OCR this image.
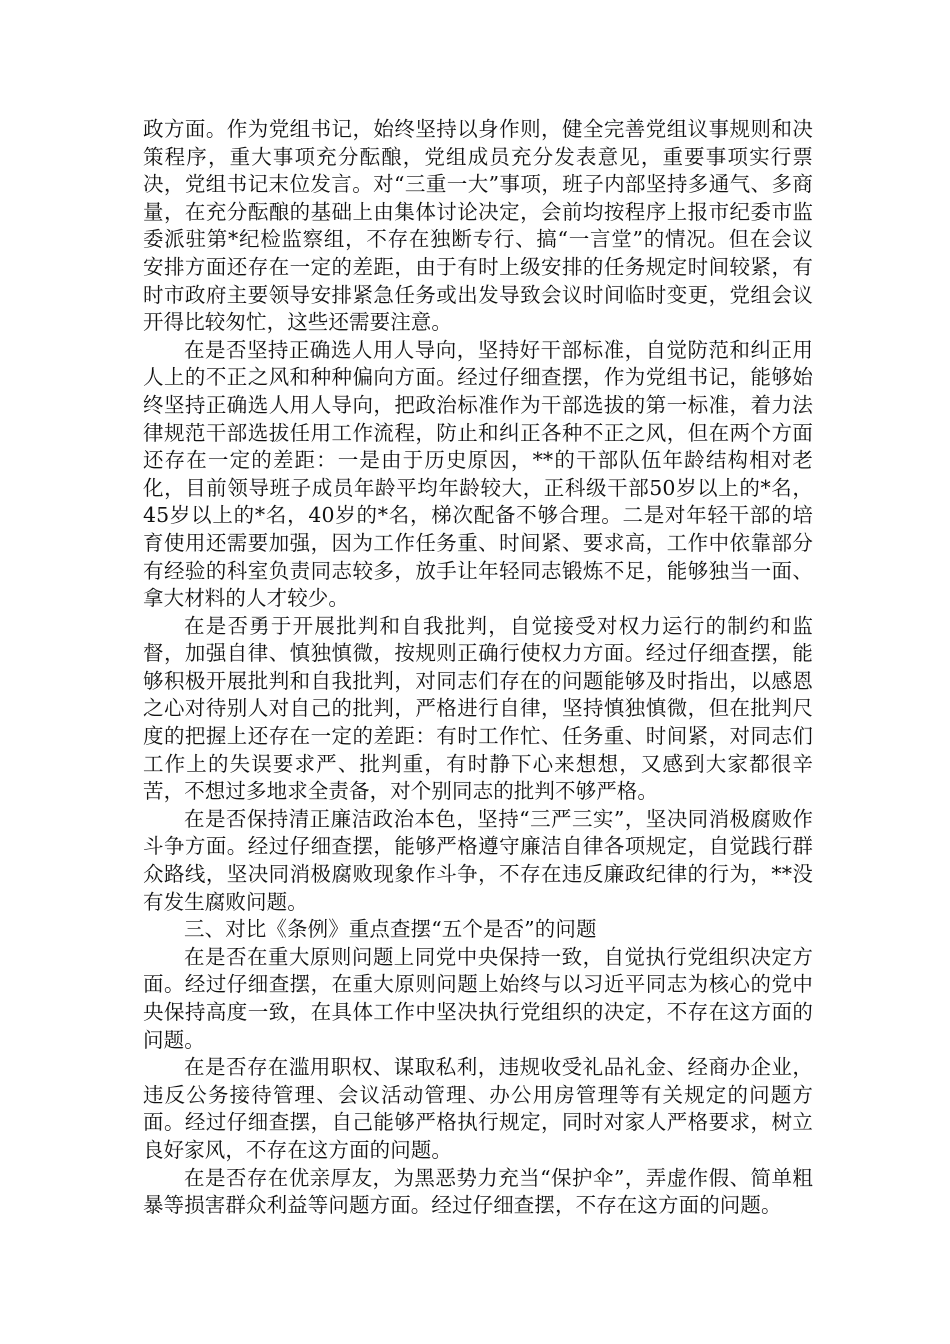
政方面。作为党组书记，始终坚持以身作则，健全完善党组议事规则和决策程序，重大事项充分酝酿，党组成员充分发表意见，重要事项实行票决，党组书记末位发言。对“三重一大”事项，班子内部坚持多通气、多商量，在充分酝酿的基础上由集体讨论决定，会前均按程序上报市纪委市监委派驻第*纪检监察组，不存在独断专行、搞“一言堂”的情况。但在会议安排方面还存在一定的差距，由于有时上级安排的任务规定时间较紧，有时市政府主要领导安排紧急任务或出发导致会议时间临时变更，党组会议开得比较匆忙，这些还需要注意。

在是否坚持正确选人用人导向，坚持好干部标准，自觉防范和纠正用人上的不正之风和种种偏向方面。经过仔细查摆，作为党组书记，能够始终坚持正确选人用人导向，把政治标准作为干部选拔的第一标准，着力法律规范干部选拔任用工作流程，防止和纠正各种不正之风，但在两个方面还存在一定的差距：一是由于历史原因，**的干部队伍年龄结构相对老化，目前领导班子成员年龄平均年龄较大，正科级干部50岁以上的*名，45岁以上的*名，40岁的*名，梯次配备不够合理。二是对年轻干部的培育使用还需要加强，因为工作任务重、时间紧、要求高，工作中依靠部分有经验的科室负责同志较多，放手让年轻同志锻炼不足，能够独当一面、拿大材料的人才较少。

在是否勇于开展批判和自我批判，自觉接受对权力运行的制约和监督，加强自律、慎独慎微，按规则正确行使权力方面。经过仔细查摆，能够积极开展批判和自我批判，对同志们存在的问题能够及时指出，以感恩之心对待别人对自己的批判，严格进行自律，坚持慎独慎微，但在批判尺度的把握上还存在一定的差距：有时工作忙、任务重、时间紧，对同志们工作上的失误要求严、批判重，有时静下心来想想，又感到大家都很辛苦，不想过多地求全责备，对个别同志的批判不够严格。

在是否保持清正廉洁政治本色，坚持“三严三实”，坚决同消极腐败作斗争方面。经过仔细查摆，能够严格遵守廉洁自律各项规定，自觉践行群众路线，坚决同消极腐败现象作斗争，不存在违反廉政纪律的行为，**没有发生腐败问题。

三、对比《条例》重点查摆“五个是否”的问题

在是否在重大原则问题上同党中央保持一致，自觉执行党组织决定方面。经过仔细查摆，在重大原则问题上始终与以习近平同志为核心的党中央保持高度一致，在具体工作中坚决执行党组织的决定，不存在这方面的问题。

在是否存在滥用职权、谋取私利，违规收受礼品礼金、经商办企业，违反公务接待管理、会议活动管理、办公用房管理等有关规定的问题方面。经过仔细查摆，自己能够严格执行规定，同时对家人严格要求，树立良好家风，不存在这方面的问题。

在是否存在优亲厚友，为黑恶势力充当“保护伞”，弄虚作假、简单粗暴等损害群众利益等问题方面。经过仔细查摆，不存在这方面的问题。
